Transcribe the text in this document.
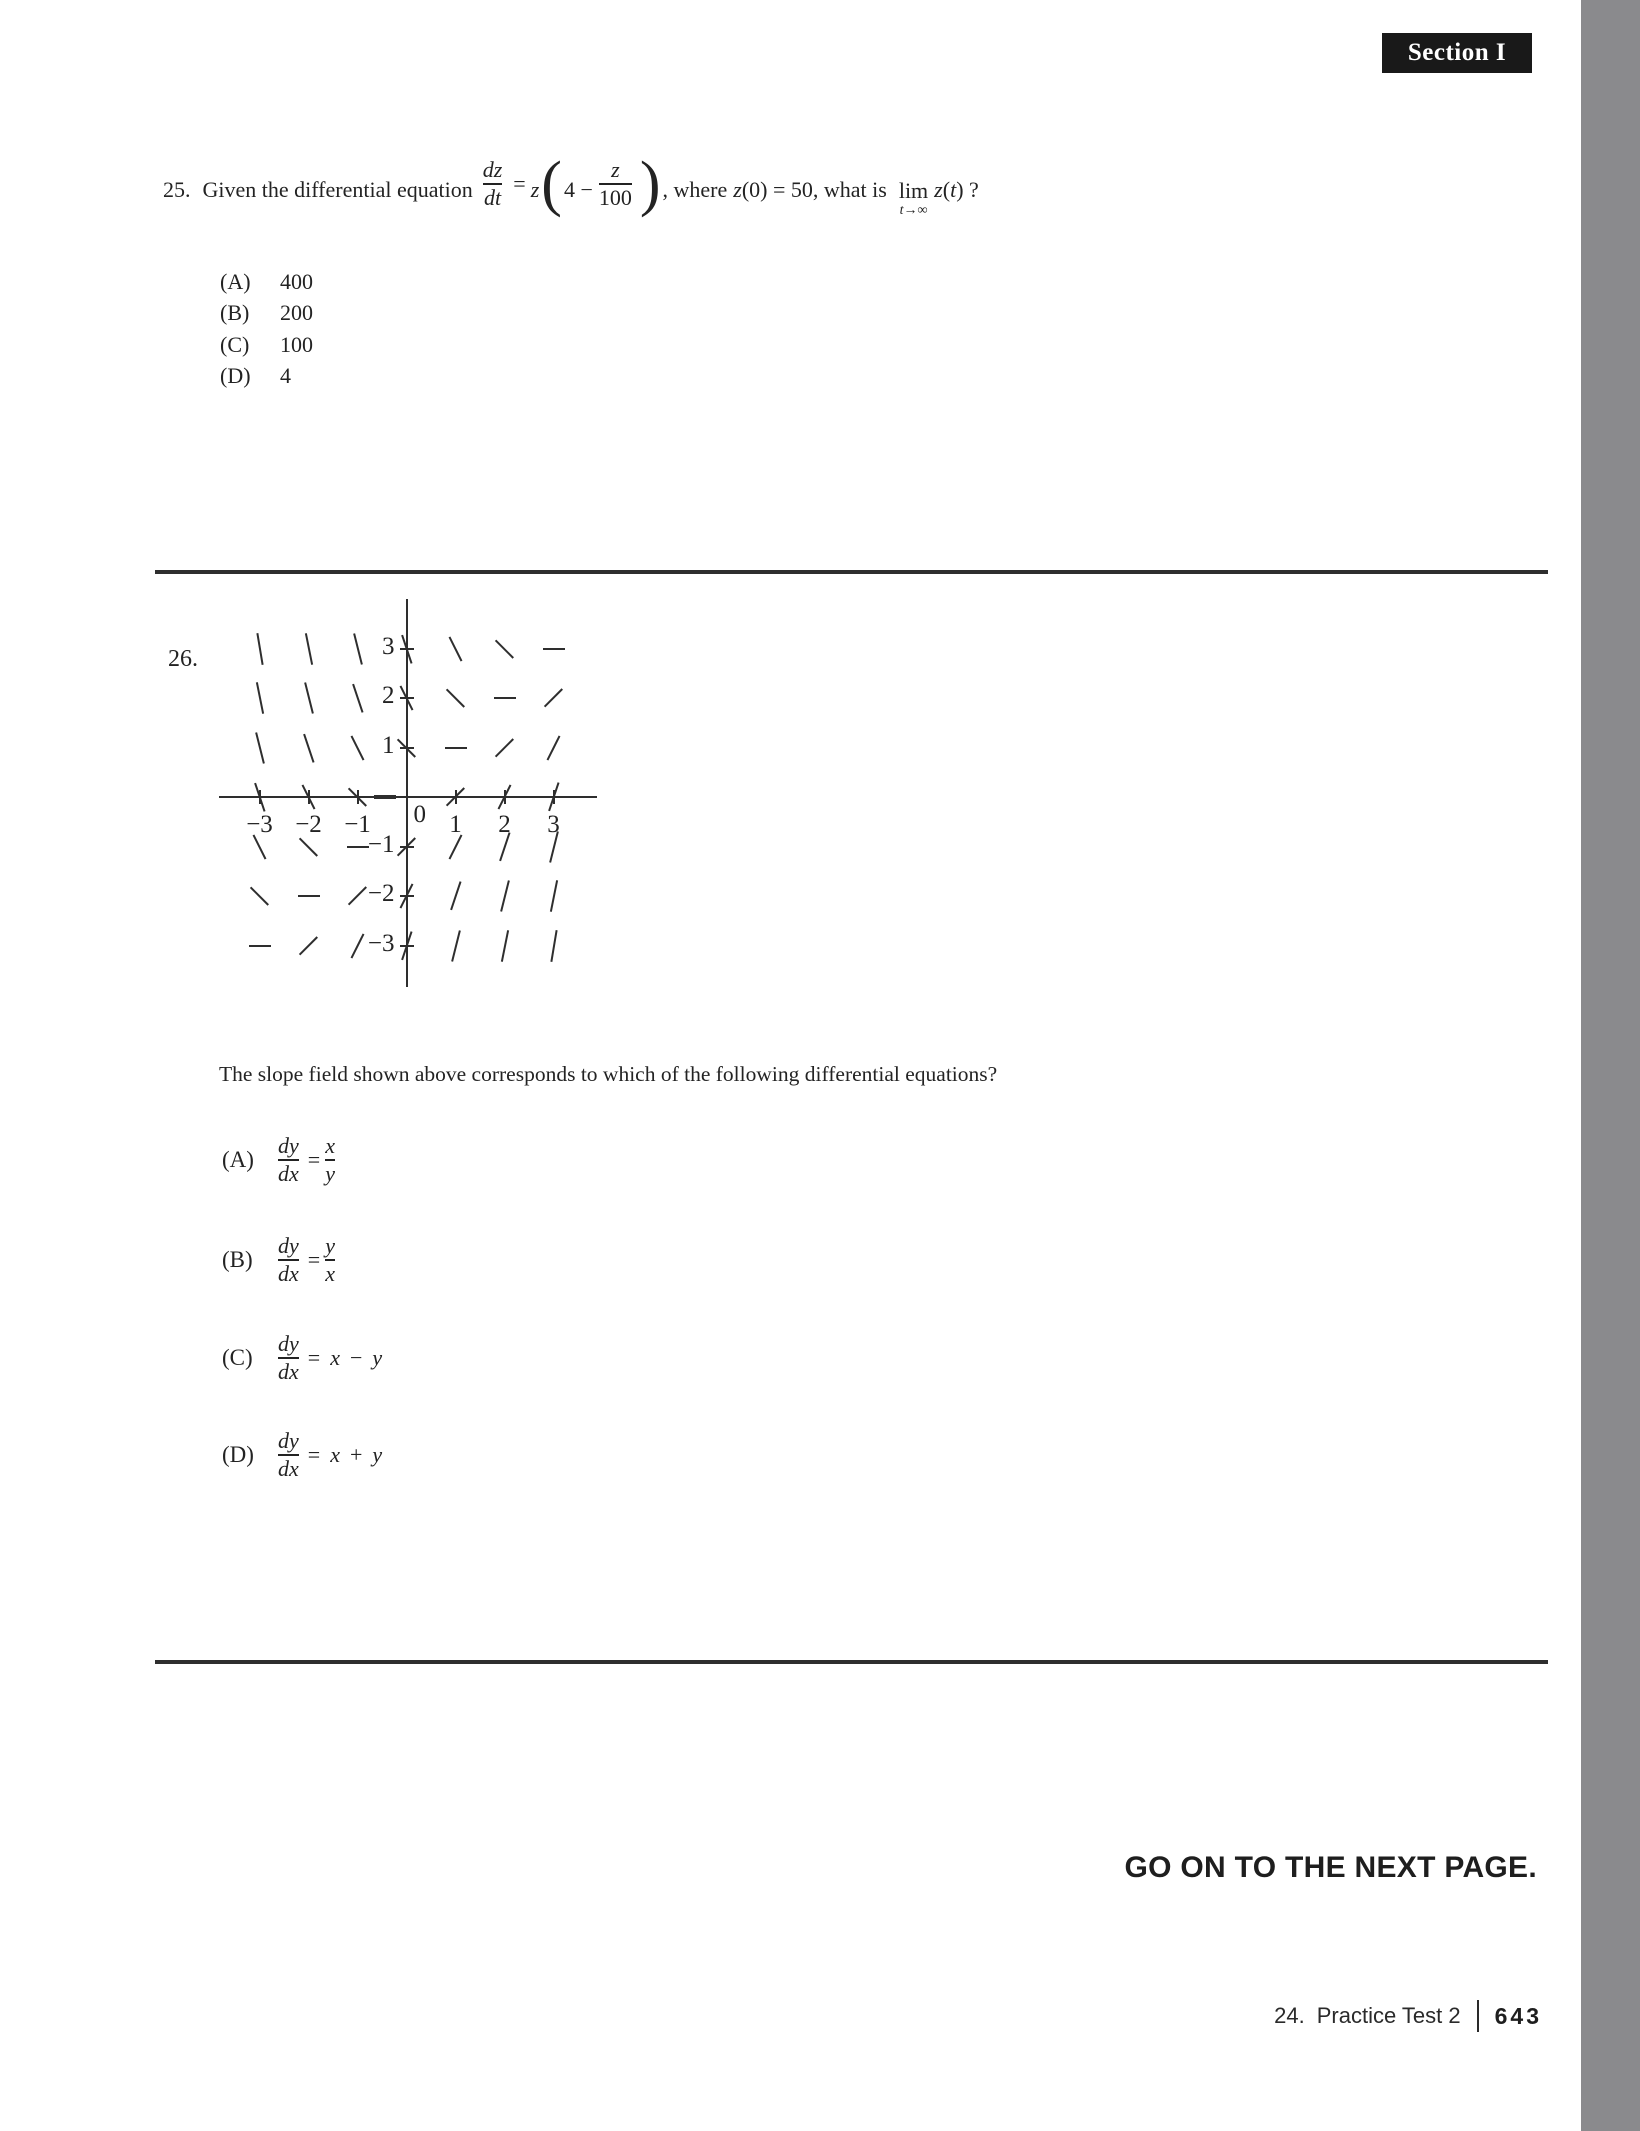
Section I
25. Given the differential equation $\frac{dz}{dt} = z$ ( $4 - \frac{z}{100}$ ) , where z (0) = 50, what is lim
t→∞
z ( t ) ?
(A)	400
(B)	200
(C)	100
(D)	4
26.
−3 −2 −1	1	2	3
3
2
1
−1
−2
−3
0
The slope field shown above corresponds to which of the following differential equations?
(A)
dy
dx
=
x
y
(B)
dy
dx
=
y
x
(C)
dy
dx
= x − y
(D)
dy
dx
= x + y
GO ON TO THE NEXT PAGE.
24. Practice Test 2 643
